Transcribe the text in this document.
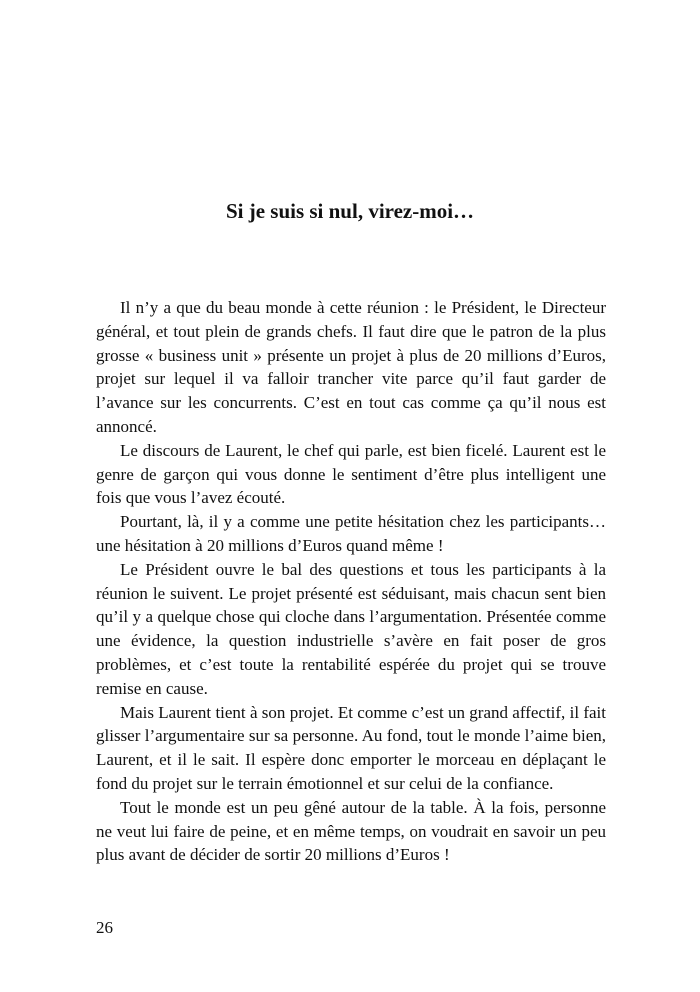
Si je suis si nul, virez-moi…

Il n’y a que du beau monde à cette réunion : le Président, le Directeur général, et tout plein de grands chefs. Il faut dire que le patron de la plus grosse « business unit » présente un projet à plus de 20 millions d’Euros, projet sur lequel il va falloir trancher vite parce qu’il faut garder de l’avance sur les concurrents. C’est en tout cas comme ça qu’il nous est annoncé.

Le discours de Laurent, le chef qui parle, est bien ficelé. Laurent est le genre de garçon qui vous donne le sentiment d’être plus intelligent une fois que vous l’avez écouté.

Pourtant, là, il y a comme une petite hésitation chez les participants… une hésitation à 20 millions d’Euros quand même !

Le Président ouvre le bal des questions et tous les participants à la réunion le suivent. Le projet présenté est séduisant, mais chacun sent bien qu’il y a quelque chose qui cloche dans l’argumentation. Présentée comme une évidence, la question industrielle s’avère en fait poser de gros problèmes, et c’est toute la rentabilité espérée du projet qui se trouve remise en cause.

Mais Laurent tient à son projet. Et comme c’est un grand affectif, il fait glisser l’argumentaire sur sa personne. Au fond, tout le monde l’aime bien, Laurent, et il le sait. Il espère donc emporter le morceau en déplaçant le fond du projet sur le terrain émotionnel et sur celui de la confiance.

Tout le monde est un peu gêné autour de la table. À la fois, personne ne veut lui faire de peine, et en même temps, on voudrait en savoir un peu plus avant de décider de sortir 20 millions d’Euros !

26
